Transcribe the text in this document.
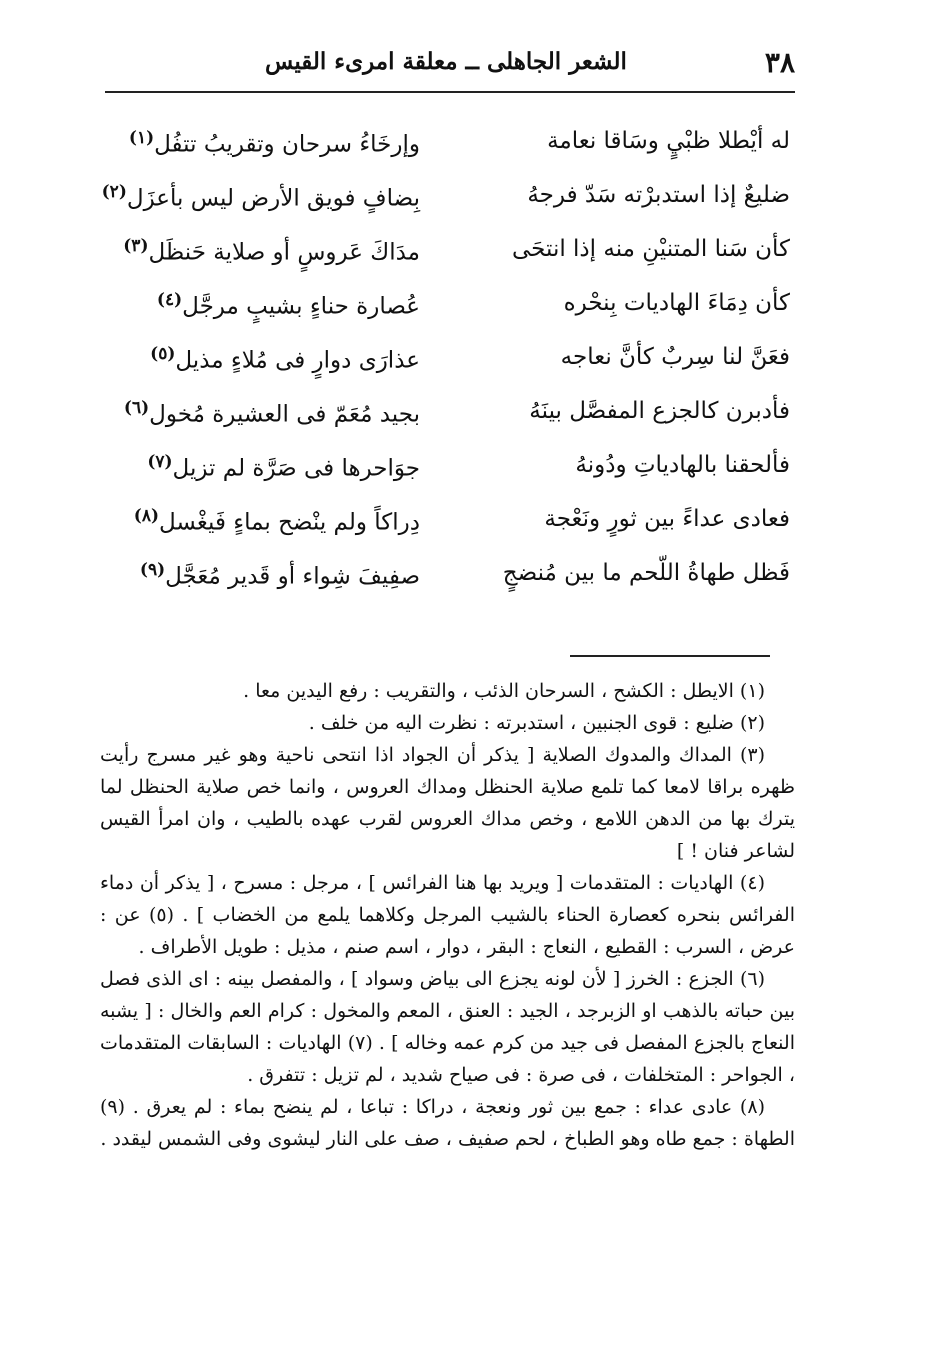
٣٨
الشعر الجاهلى ــ معلقة امرىء القيس
له أيْطلا ظبْيٍ وسَاقا نعامة
وإرخَاءُ سرحان وتقريبُ تتفُل$^{(١)}$
ضليعٌ إذا استدبرْته سَدّ فرجهُ
بِضافٍ فويق الأرض ليس بأعزَل$^{(٢)}$
كأن سَنا المتنيْنِ منه إذا انتحَى
مدَاكَ عَروسٍ أو صلاية حَنظَل$^{(٣)}$
كأن دِمَاءَ الهاديات بِنحْره
عُصارة حناءٍ بشيبٍ مرجَّل$^{(٤)}$
فعَنَّ لنا سِربٌ كأنَّ نعاجه
عذارَى دوارٍ فى مُلاءٍ مذيل$^{(٥)}$
فأدبرن كالجزع المفصَّل بينَهُ
بجيد مُعَمّ فى العشيرة مُخول$^{(٦)}$
فألحقنا بالهادياتِ ودُونهُ
جوَاحرها فى صَرَّة لم تزيل$^{(٧)}$
فعادى عداءً بين ثورٍ ونَعْجة
دِراكاً ولم ينْضح بماءٍ فَيغْسل$^{(٨)}$
فَظل طهاةُ اللّحم ما بين مُنضجٍ
صفِيفَ شِواء أو قَدير مُعَجَّل$^{(٩)}$

(١) الايطل : الكشح ، السرحان الذئب ، والتقريب : رفع اليدين معا .

(٢) ضليع : قوى الجنبين ، استدبرته : نظرت اليه من خلف .

(٣) المداك والمدوك الصلاية [ يذكر أن الجواد اذا انتحى ناحية وهو غير مسرج رأيت ظهره براقا لامعا كما تلمع صلاية الحنظل ومداك العروس ، وانما خص صلاية الحنظل لما يترك بها من الدهن اللامع ، وخص مداك العروس لقرب عهده بالطيب ، وان امرأ القيس لشاعر فنان ! ]

(٤) الهاديات : المتقدمات [ ويريد بها هنا الفرائس ] ، مرجل : مسرح ، [ يذكر أن دماء الفرائس بنحره كعصارة الحناء بالشيب المرجل وكلاهما يلمع من الخضاب ] . (٥) عن : عرض ، السرب : القطيع ، النعاج : البقر ، دوار ، اسم صنم ، مذيل : طويل الأطراف .

(٦) الجزع : الخرز [ لأن لونه يجزع الى بياض وسواد ] ، والمفصل بينه : اى الذى فصل بين حباته بالذهب او الزبرجد ، الجيد : العنق ، المعم والمخول : كرام العم والخال : [ يشبه النعاج بالجزع المفصل فى جيد من كرم عمه وخاله ] . (٧) الهاديات : السابقات المتقدمات ، الجواحر : المتخلفات ، فى صرة : فى صياح شديد ، لم تزيل : تتفرق .

(٨) عادى عداء : جمع بين ثور ونعجة ، دراكا : تباعا ، لم ينضح بماء : لم يعرق . (٩) الطهاة : جمع طاه وهو الطباخ ، لحم صفيف ، صف على النار ليشوى وفى الشمس ليقدد .
